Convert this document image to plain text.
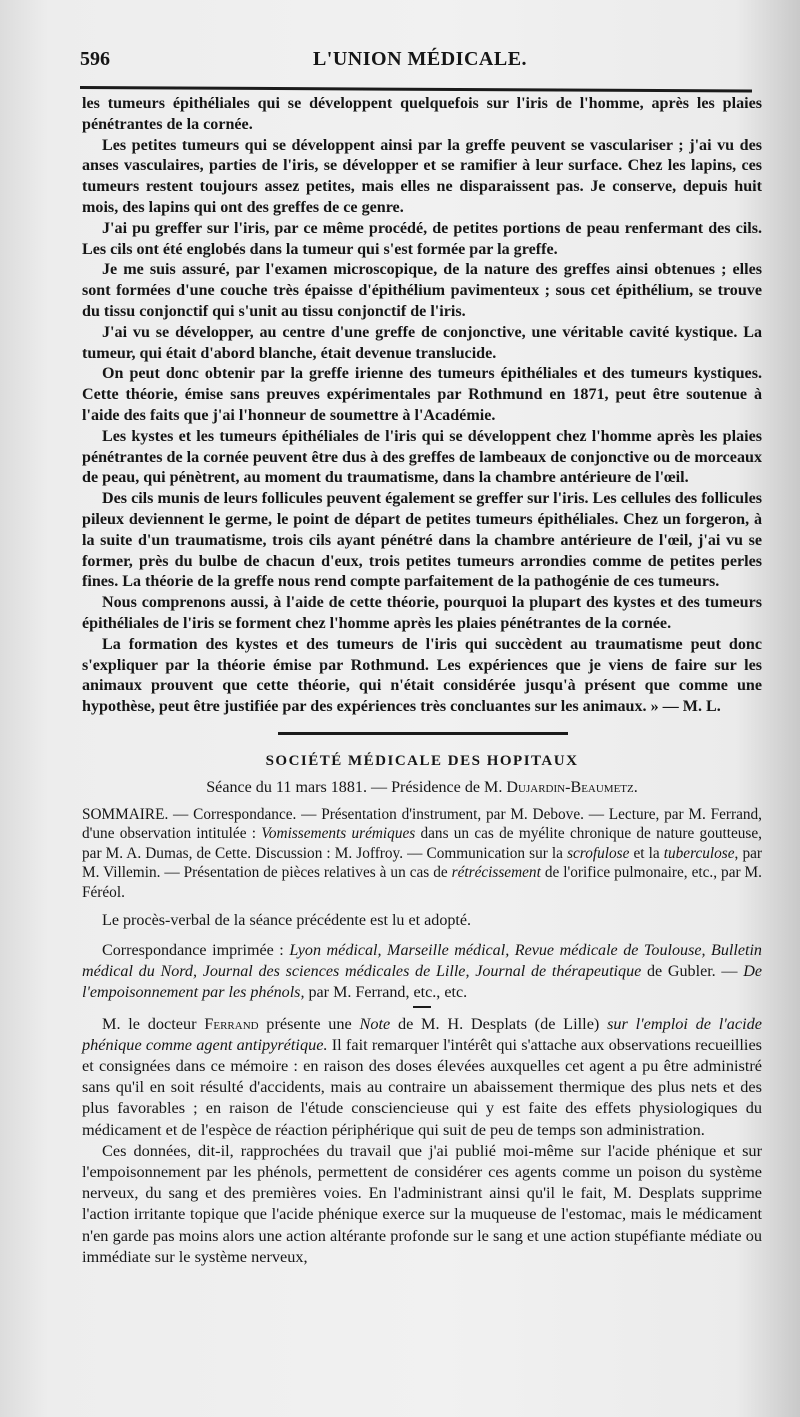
596	L'UNION MÉDICALE.

les tumeurs épithéliales qui se développent quelquefois sur l'iris de l'homme, après les plaies pénétrantes de la cornée.

Les petites tumeurs qui se développent ainsi par la greffe peuvent se vasculariser ; j'ai vu des anses vasculaires, parties de l'iris, se développer et se ramifier à leur surface. Chez les lapins, ces tumeurs restent toujours assez petites, mais elles ne disparaissent pas. Je conserve, depuis huit mois, des lapins qui ont des greffes de ce genre.

J'ai pu greffer sur l'iris, par ce même procédé, de petites portions de peau renfermant des cils. Les cils ont été englobés dans la tumeur qui s'est formée par la greffe.

Je me suis assuré, par l'examen microscopique, de la nature des greffes ainsi obtenues ; elles sont formées d'une couche très épaisse d'épithélium pavimenteux ; sous cet épithélium, se trouve du tissu conjonctif qui s'unit au tissu conjonctif de l'iris.

J'ai vu se développer, au centre d'une greffe de conjonctive, une véritable cavité kystique. La tumeur, qui était d'abord blanche, était devenue translucide.

On peut donc obtenir par la greffe irienne des tumeurs épithéliales et des tumeurs kystiques. Cette théorie, émise sans preuves expérimentales par Rothmund en 1871, peut être soutenue à l'aide des faits que j'ai l'honneur de soumettre à l'Académie.

Les kystes et les tumeurs épithéliales de l'iris qui se développent chez l'homme après les plaies pénétrantes de la cornée peuvent être dus à des greffes de lambeaux de conjonctive ou de morceaux de peau, qui pénètrent, au moment du traumatisme, dans la chambre antérieure de l'œil.

Des cils munis de leurs follicules peuvent également se greffer sur l'iris. Les cellules des follicules pileux deviennent le germe, le point de départ de petites tumeurs épithéliales. Chez un forgeron, à la suite d'un traumatisme, trois cils ayant pénétré dans la chambre antérieure de l'œil, j'ai vu se former, près du bulbe de chacun d'eux, trois petites tumeurs arrondies comme de petites perles fines. La théorie de la greffe nous rend compte parfaitement de la pathogénie de ces tumeurs.

Nous comprenons aussi, à l'aide de cette théorie, pourquoi la plupart des kystes et des tumeurs épithéliales de l'iris se forment chez l'homme après les plaies pénétrantes de la cornée.

La formation des kystes et des tumeurs de l'iris qui succèdent au traumatisme peut donc s'expliquer par la théorie émise par Rothmund. Les expériences que je viens de faire sur les animaux prouvent que cette théorie, qui n'était considérée jusqu'à présent que comme une hypothèse, peut être justifiée par des expériences très concluantes sur les animaux. » — M. L.

SOCIÉTÉ MÉDICALE DES HOPITAUX
Séance du 11 mars 1881. — Présidence de M. Dujardin-Beaumetz.

SOMMAIRE. — Correspondance. — Présentation d'instrument, par M. Debove. — Lecture, par M. Ferrand, d'une observation intitulée : Vomissements urémiques dans un cas de myélite chronique de nature goutteuse, par M. A. Dumas, de Cette. Discussion : M. Joffroy. — Communication sur la scrofulose et la tuberculose, par M. Villemin. — Présentation de pièces relatives à un cas de rétrécissement de l'orifice pulmonaire, etc., par M. Féréol.

Le procès-verbal de la séance précédente est lu et adopté.

Correspondance imprimée : Lyon médical, Marseille médical, Revue médicale de Toulouse, Bulletin médical du Nord, Journal des sciences médicales de Lille, Journal de thérapeutique de Gubler. — De l'empoisonnement par les phénols, par M. Ferrand, etc., etc.

M. le docteur Ferrand présente une Note de M. H. Desplats (de Lille) sur l'emploi de l'acide phénique comme agent antipyrétique. Il fait remarquer l'intérêt qui s'attache aux observations recueillies et consignées dans ce mémoire : en raison des doses élevées auxquelles cet agent a pu être administré sans qu'il en soit résulté d'accidents, mais au contraire un abaissement thermique des plus nets et des plus favorables ; en raison de l'étude consciencieuse qui y est faite des effets physiologiques du médicament et de l'espèce de réaction périphérique qui suit de peu de temps son administration.

Ces données, dit-il, rapprochées du travail que j'ai publié moi-même sur l'acide phénique et sur l'empoisonnement par les phénols, permettent de considérer ces agents comme un poison du système nerveux, du sang et des premières voies. En l'administrant ainsi qu'il le fait, M. Desplats supprime l'action irritante topique que l'acide phénique exerce sur la muqueuse de l'estomac, mais le médicament n'en garde pas moins alors une action altérante profonde sur le sang et une action stupéfiante médiate ou immédiate sur le système nerveux,
